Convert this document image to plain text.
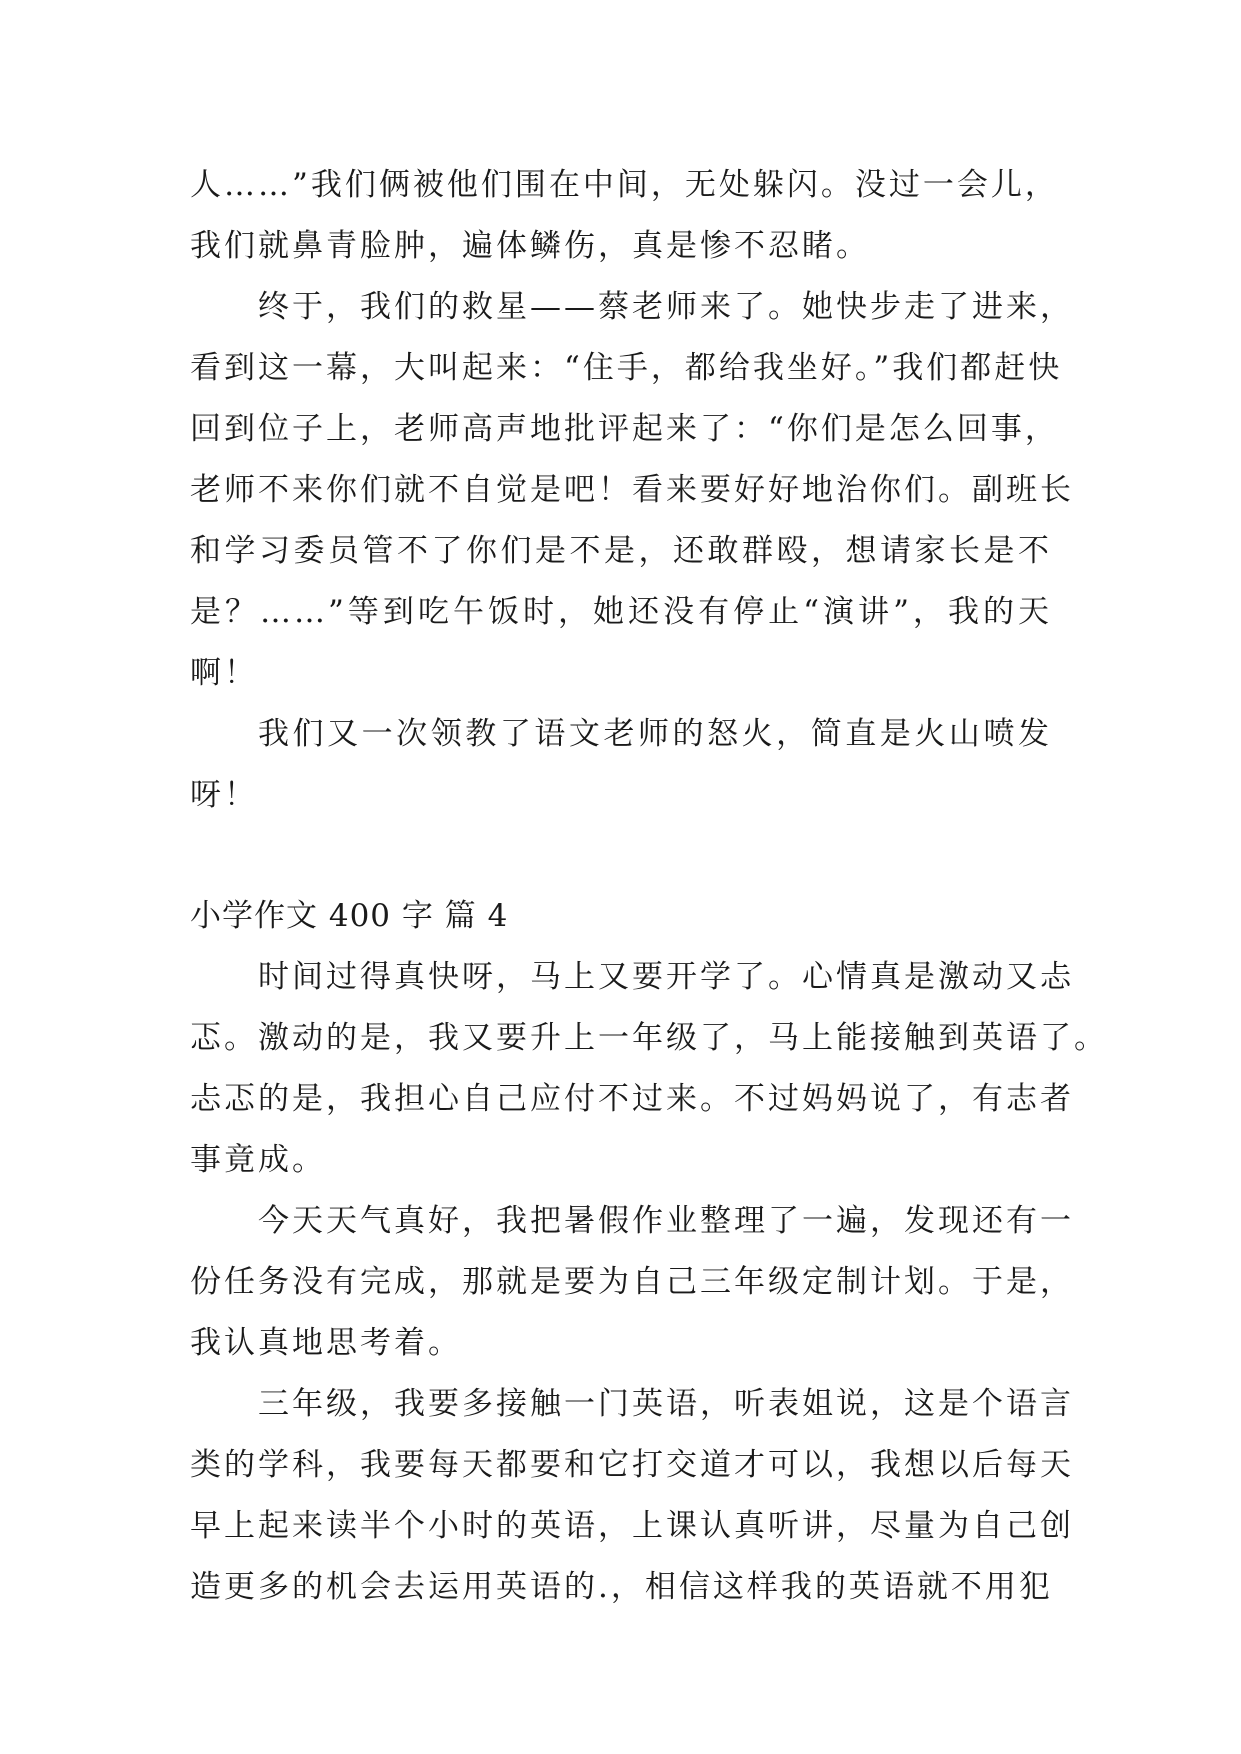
人……”我们俩被他们围在中间，无处躲闪。没过一会儿，
我们就鼻青脸肿，遍体鳞伤，真是惨不忍睹。
终于，我们的救星——蔡老师来了。她快步走了进来，
看到这一幕，大叫起来：“住手，都给我坐好。”我们都赶快
回到位子上，老师高声地批评起来了：“你们是怎么回事，
老师不来你们就不自觉是吧！看来要好好地治你们。副班长
和学习委员管不了你们是不是，还敢群殴，想请家长是不
是？……”等到吃午饭时，她还没有停止“演讲”，我的天
啊！
我们又一次领教了语文老师的怒火，简直是火山喷发
呀！
小学作文 400 字 篇 4
时间过得真快呀，马上又要开学了。心情真是激动又忐
忑。激动的是，我又要升上一年级了，马上能接触到英语了。
忐忑的是，我担心自己应付不过来。不过妈妈说了，有志者
事竟成。
今天天气真好，我把暑假作业整理了一遍，发现还有一
份任务没有完成，那就是要为自己三年级定制计划。于是，
我认真地思考着。
三年级，我要多接触一门英语，听表姐说，这是个语言
类的学科，我要每天都要和它打交道才可以，我想以后每天
早上起来读半个小时的英语，上课认真听讲，尽量为自己创
造更多的机会去运用英语的.，相信这样我的英语就不用犯
